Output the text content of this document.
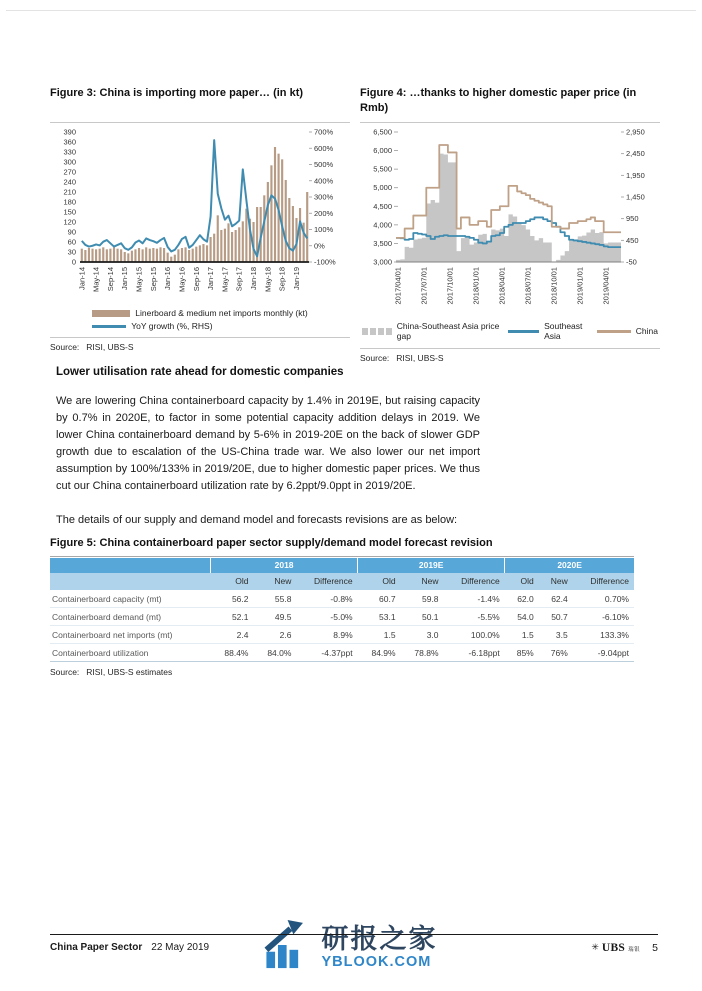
Figure 3: China is importing more paper… (in kt)
0
30
60
90
120
150
180
210
240
270
300
330
360
390
-100%
0%
100%
200%
300%
400%
500%
600%
700%
Jan-14 May-14 Sep-14 Jan-15 May-15 Sep-15 Jan-16 May-16 Sep-16 Jan-17 May-17 Sep-17 Jan-18 May-18 Sep-18 Jan-19
Linerboard & medium net imports monthly (kt)
YoY growth (%, RHS)
Source: RISI, UBS-S
Figure 4: …thanks to higher domestic paper price (in Rmb)
3,000
3,500
4,000
4,500
5,000
5,500
6,000
6,500
-50
450
950
1,450
1,950
2,450
2,950
2017/04/01 2017/07/01 2017/10/01 2018/01/01 2018/04/01 2018/07/01 2018/10/01 2019/01/01 2019/04/01
China-Southeast Asia price gap
Southeast Asia	China
Source: RISI, UBS-S
Lower utilisation rate ahead for domestic companies

We are lowering China containerboard capacity by 1.4% in 2019E, but raising capacity by 0.7% in 2020E, to factor in some potential capacity addition delays in 2019. We lower China containerboard demand by 5-6% in 2019-20E on the back of slower GDP growth due to escalation of the US-China trade war. We also lower our net import assumption by 100%/133% in 2019/20E, due to higher domestic paper prices. We thus cut our China containerboard utilization rate by 6.2ppt/9.0ppt in 2019/20E.

The details of our supply and demand model and forecasts revisions are as below:

Figure 5: China containerboard paper sector supply/demand model forecast revision
	2018			2019E			2020E		
	Old	New	Difference	Old	New	Difference	Old	New	Difference
Containerboard capacity (mt)	56.2	55.8	-0.8%	60.7	59.8	-1.4%	62.0	62.4	0.70%
Containerboard demand (mt)	52.1	49.5	-5.0%	53.1	50.1	-5.5%	54.0	50.7	-6.10%
Containerboard net imports (mt)	2.4	2.6	8.9%	1.5	3.0	100.0%	1.5	3.5	133.3%
Containerboard utilization	88.4%	84.0%	-4.37ppt	84.9%	78.8%	-6.18ppt	85%	76%	-9.04ppt
Source: RISI, UBS-S estimates
研报之家
YBLOOK.COM
China Paper Sector 22 May 2019	✳ UBS 瑞银 5
